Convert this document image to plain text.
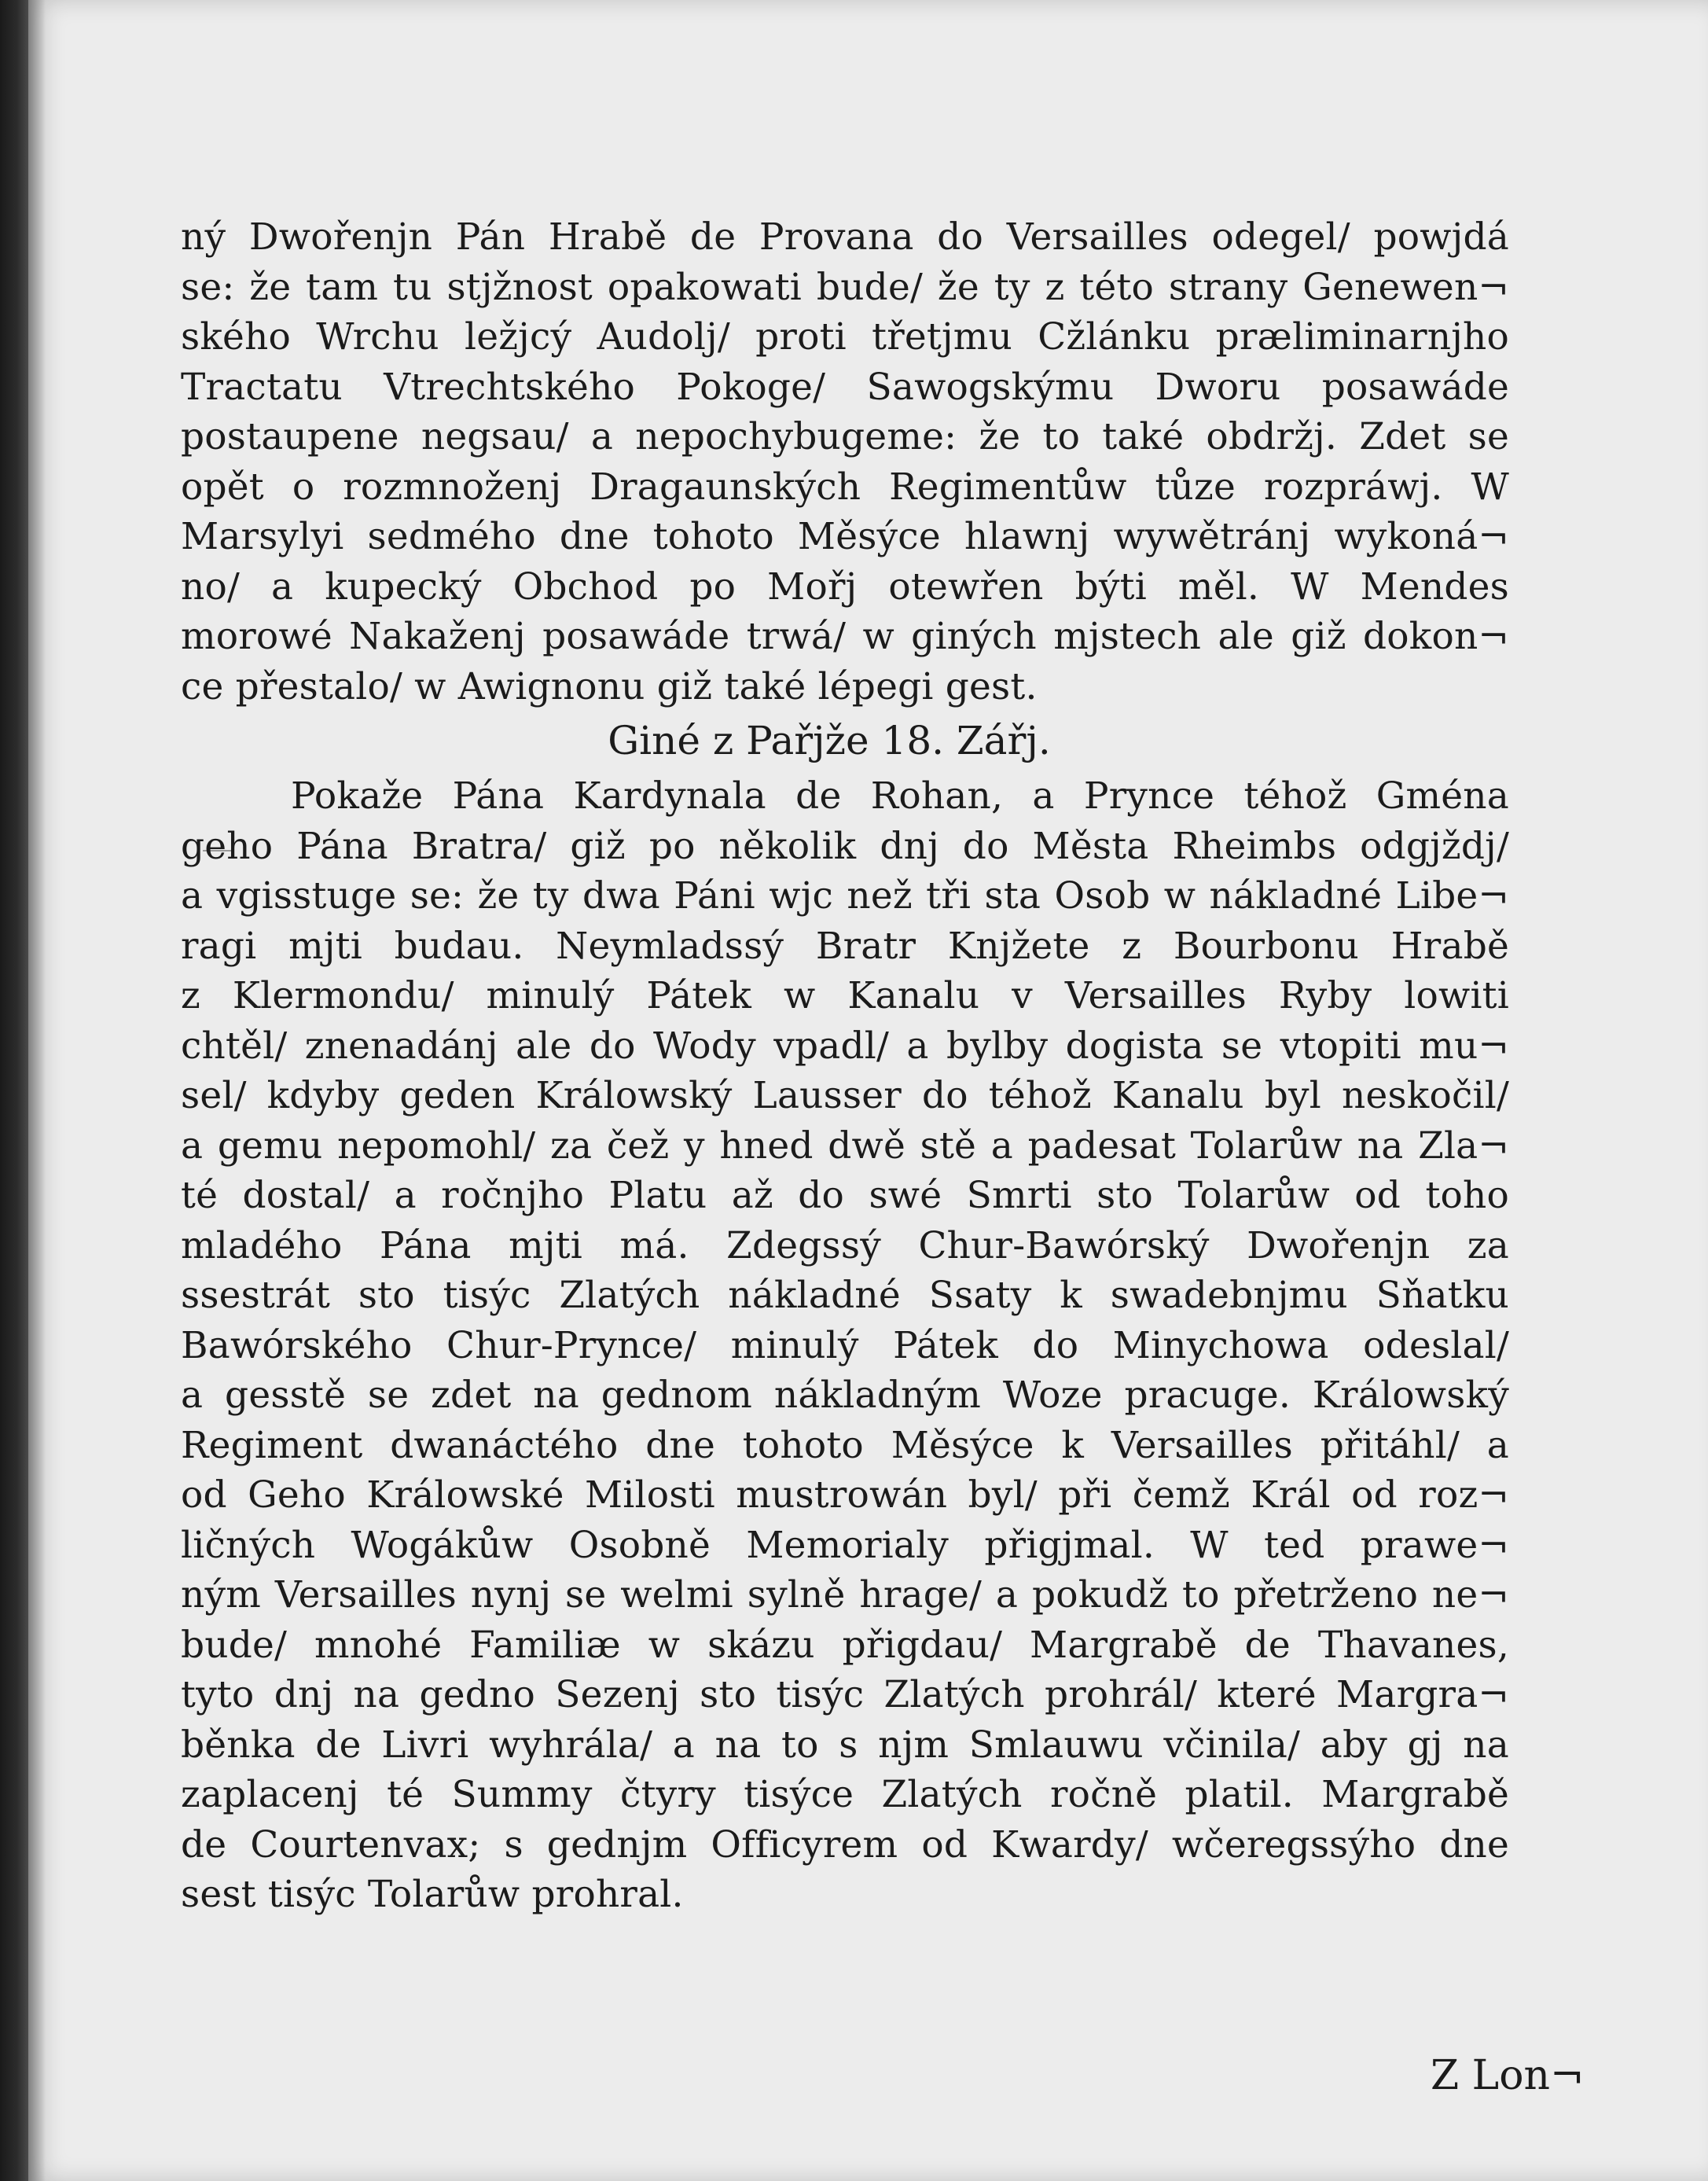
ný Dwořenjn Pán Hrabě de Provana do Versailles odegel/ powjdá
se: že tam tu stjžnost opakowati bude/ že ty z této strany Genewen¬
ského Wrchu ležjcý Audolj/ proti třetjmu Cžlánku præliminarnjho
Tractatu Vtrechtského Pokoge/ Sawogskýmu Dworu posawáde
postaupene negsau/ a nepochybugeme: že to také obdržj. Zdet se
opět o rozmnoženj Dragaunských Regimentůw tůze rozpráwj. W
Marsylyi sedmého dne tohoto Měsýce hlawnj wywětránj wykoná¬
no/ a kupecký Obchod po Mořj otewřen býti měl. W Mendes
morowé Nakaženj posawáde trwá/ w giných mjstech ale giž dokon¬
ce přestalo/ w Awignonu giž také lépegi gest.
Giné z Pařjže 18. Zářj.
Pokaže Pána Kardynala de Rohan, a Prynce téhož Gména
geho Pána Bratra/ giž po několik dnj do Města Rheimbs odgjždj/
a vgisstuge se: že ty dwa Páni wjc než tři sta Osob w nákladné Libe¬
ragi mjti budau. Neymladssý Bratr Knjžete z Bourbonu Hrabě
z Klermondu/ minulý Pátek w Kanalu v Versailles Ryby lowiti
chtěl/ znenadánj ale do Wody vpadl/ a bylby dogista se vtopiti mu¬
sel/ kdyby geden Králowský Lausser do téhož Kanalu byl neskočil/
a gemu nepomohl/ za čež y hned dwě stě a padesat Tolarůw na Zla¬
té dostal/ a ročnjho Platu až do swé Smrti sto Tolarůw od toho
mladého Pána mjti má. Zdegssý Chur-Bawórský Dwořenjn za
ssestrát sto tisýc Zlatých nákladné Ssaty k swadebnjmu Sňatku
Bawórského Chur-Prynce/ minulý Pátek do Minychowa odeslal/
a gesstě se zdet na gednom nákladným Woze pracuge. Králowský
Regiment dwanáctého dne tohoto Měsýce k Versailles přitáhl/ a
od Geho Králowské Milosti mustrowán byl/ při čemž Král od roz¬
ličných Wogákůw Osobně Memorialy přigjmal. W ted prawe¬
ným Versailles nynj se welmi sylně hrage/ a pokudž to přetrženo ne¬
bude/ mnohé Familiæ w skázu přigdau/ Margrabě de Thavanes,
tyto dnj na gedno Sezenj sto tisýc Zlatých prohrál/ které Margra¬
běnka de Livri wyhrála/ a na to s njm Smlauwu včinila/ aby gj na
zaplacenj té Summy čtyry tisýce Zlatých ročně platil. Margrabě
de Courtenvax; s gednjm Officyrem od Kwardy/ wčeregssýho dne
sest tisýc Tolarůw prohral.
Z Lon¬
